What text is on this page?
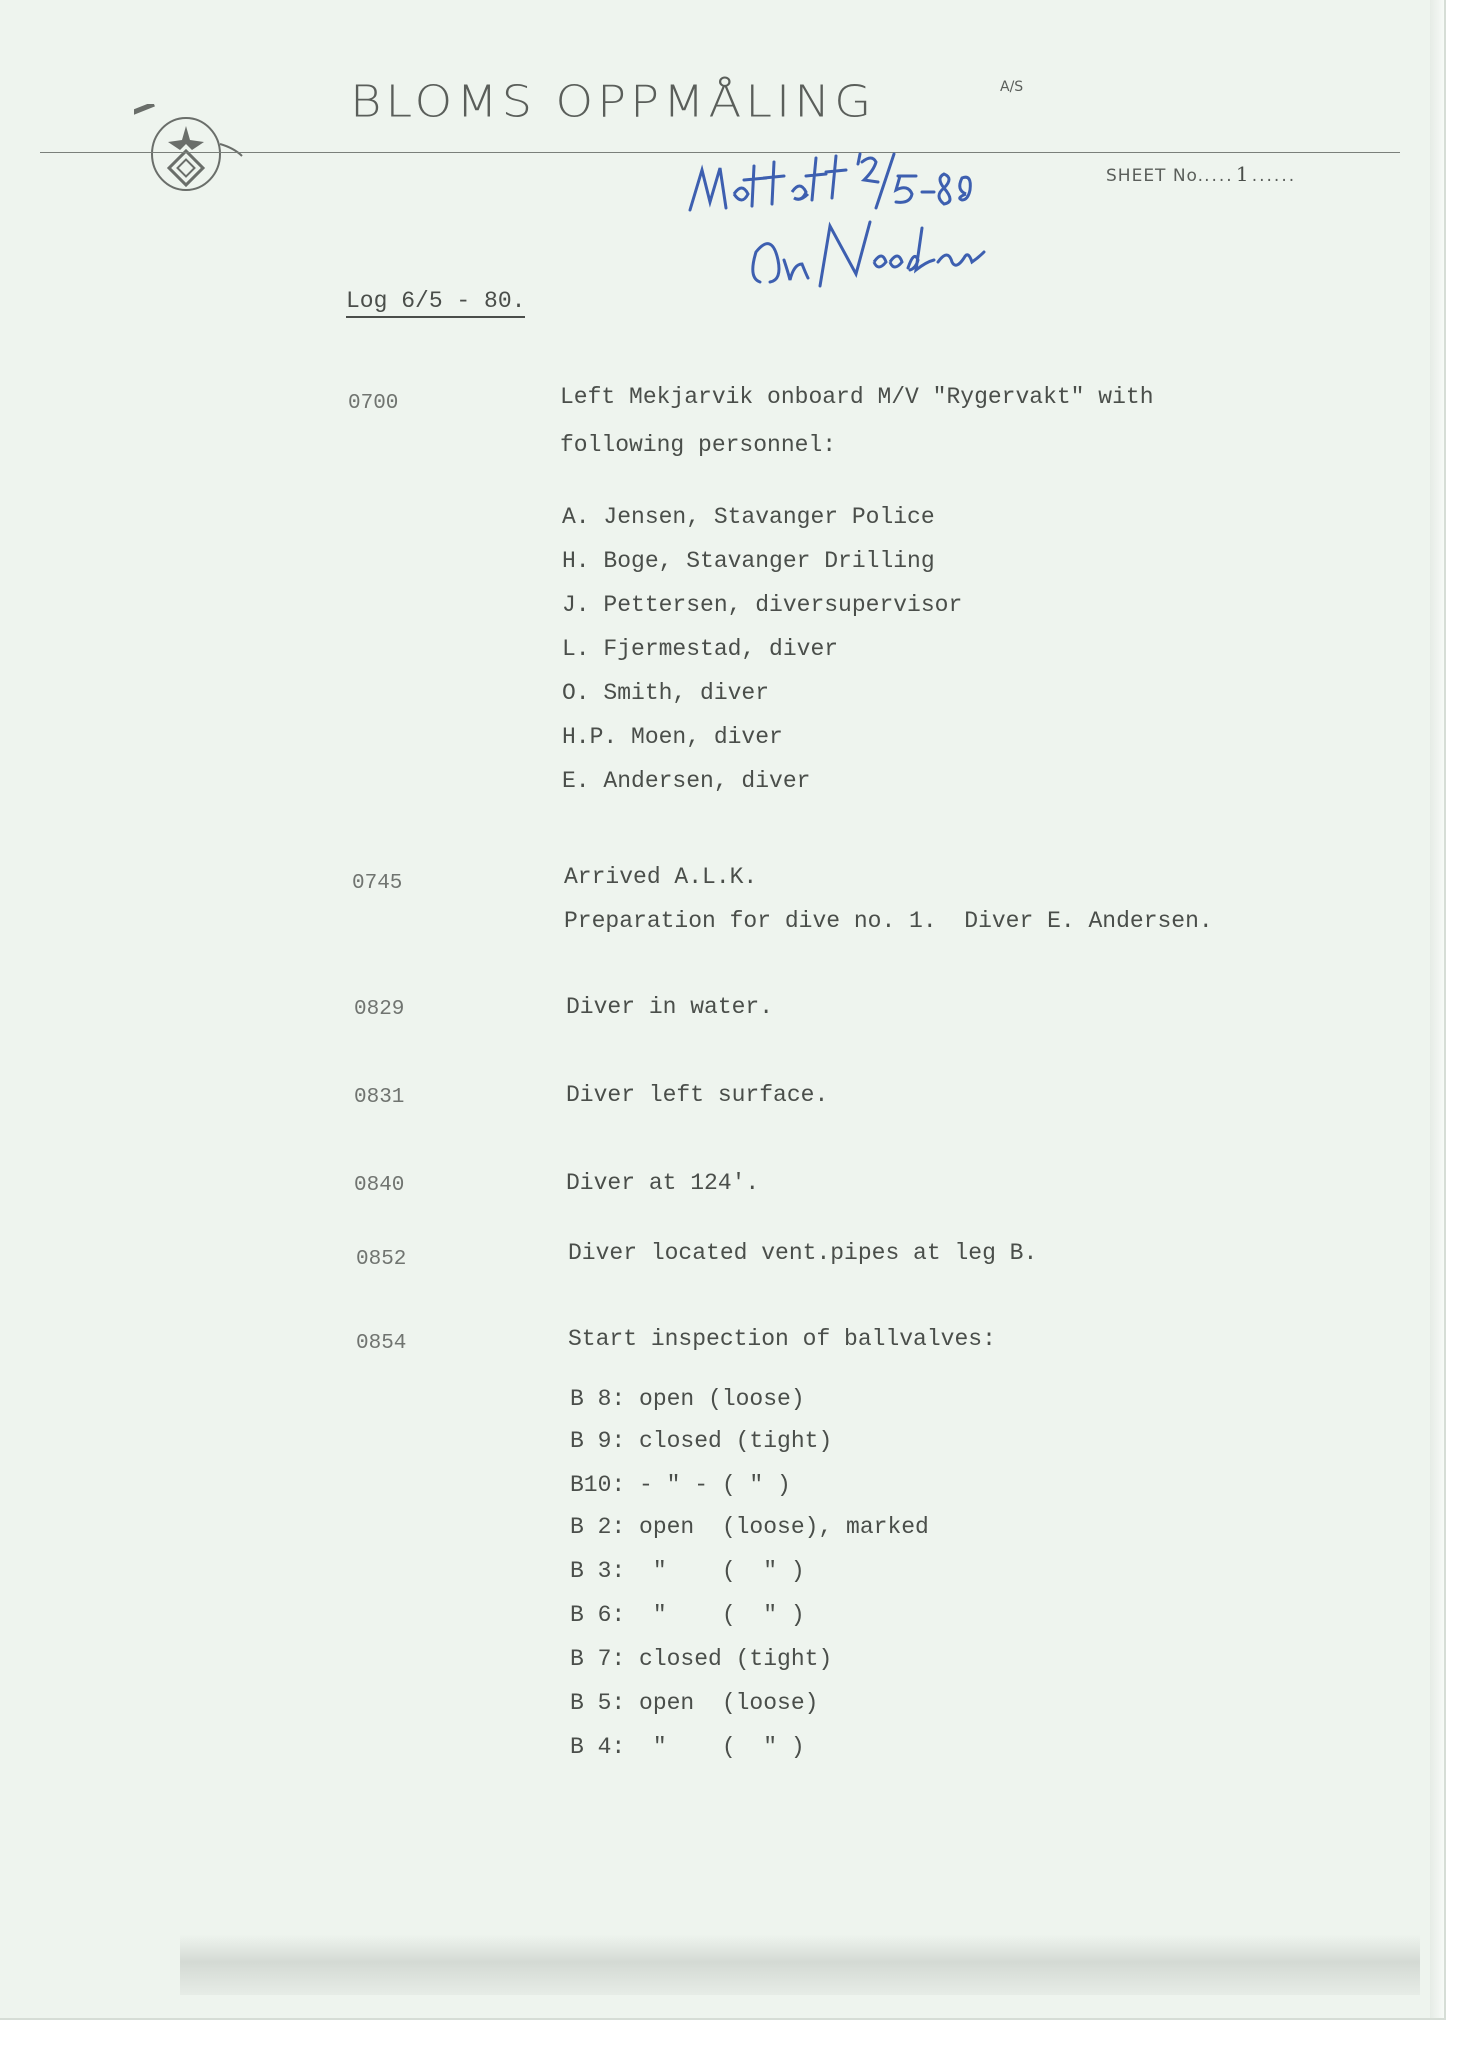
BLOMS OPPMÅLING	A/S
SHEET No..... 1 ......
Log 6/5 - 80.
0700	Left Mekjarvik onboard M/V "Rygervakt" with
following personnel:
A. Jensen, Stavanger Police
H. Boge, Stavanger Drilling
J. Pettersen, diversupervisor
L. Fjermestad, diver
O. Smith, diver
H.P. Moen, diver
E. Andersen, diver
0745	Arrived A.L.K.
Preparation for dive no. 1.  Diver E. Andersen.
0829	Diver in water.
0831	Diver left surface.
0840	Diver at 124'.
0852	Diver located vent.pipes at leg B.
0854	Start inspection of ballvalves:
B 8: open (loose)
B 9: closed (tight)
B10: - " - ( " )
B 2: open  (loose), marked
B 3:  "    (  " )
B 6:  "    (  " )
B 7: closed (tight)
B 5: open  (loose)
B 4:  "    (  " )
